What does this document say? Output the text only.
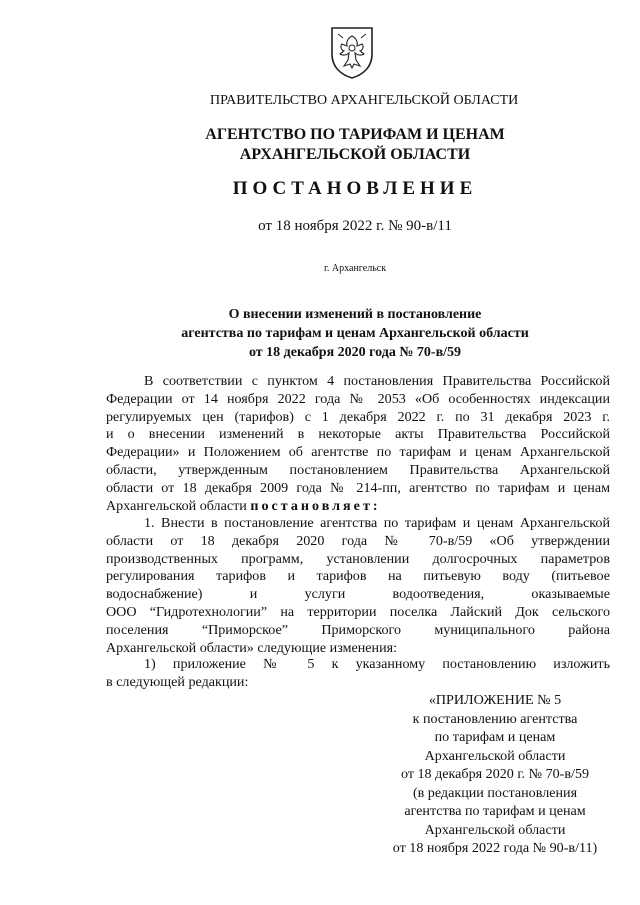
ПРАВИТЕЛЬСТВО АРХАНГЕЛЬСКОЙ ОБЛАСТИ
АГЕНТСТВО ПО ТАРИФАМ И ЦЕНАМ
АРХАНГЕЛЬСКОЙ ОБЛАСТИ
ПОСТАНОВЛЕНИЕ
от 18 ноября 2022 г. № 90-в/11
г. Архангельск
О внесении изменений в постановление
агентства по тарифам и ценам Архангельской области
от 18 декабря 2020 года № 70-в/59
В соответствии с пунктом 4 постановления Правительства Российской
Федерации от 14 ноября 2022 года № 2053 «Об особенностях индексации
регулируемых цен (тарифов) с 1 декабря 2022 г. по 31 декабря 2023 г.
и о внесении изменений в некоторые акты Правительства Российской
Федерации» и Положением об агентстве по тарифам и ценам Архангельской
области, утвержденным постановлением Правительства Архангельской
области от 18 декабря 2009 года № 214-пп, агентство по тарифам и ценам
Архангельской области постановляет:
1. Внести в постановление агентства по тарифам и ценам Архангельской
области от 18 декабря 2020 года № 70-в/59 «Об утверждении
производственных программ, установлении долгосрочных параметров
регулирования тарифов и тарифов на питьевую воду (питьевое
водоснабжение) и услуги водоотведения, оказываемые
ООО “Гидротехнологии” на территории поселка Лайский Док сельского
поселения “Приморское” Приморского муниципального района
Архангельской области» следующие изменения:
1) приложение № 5 к указанному постановлению изложить
в следующей редакции:
«ПРИЛОЖЕНИЕ № 5
к постановлению агентства
по тарифам и ценам
Архангельской области
от 18 декабря 2020 г. № 70-в/59
(в редакции постановления
агентства по тарифам и ценам
Архангельской области
от 18 ноября 2022 года № 90-в/11)
